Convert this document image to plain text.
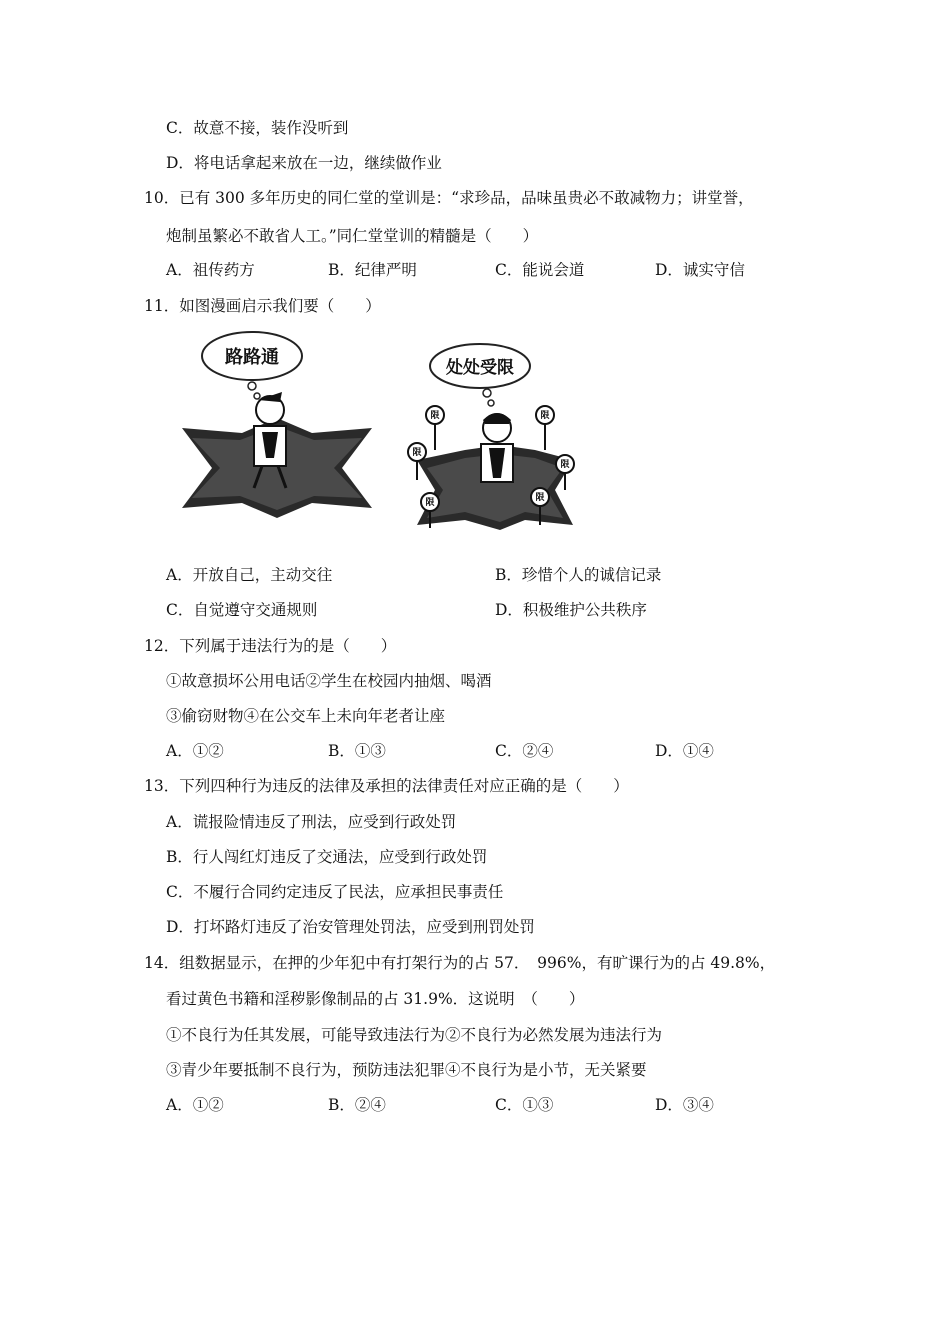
C．故意不接，装作没听到
D．将电话拿起来放在一边，继续做作业
10．已有 300 多年历史的同仁堂的堂训是：“求珍品，品味虽贵必不敢减物力；讲堂誉，
炮制虽繁必不敢省人工。”同仁堂堂训的精髓是（　　）
A．祖传药方	B．纪律严明	C．能说会道	D．诚实守信
11．如图漫画启示我们要（　　）
路路通	处处受限
限
限
限
限
限
限
A．开放自己，主动交往	B．珍惜个人的诚信记录
C．自觉遵守交通规则	D．积极维护公共秩序
12．下列属于违法行为的是（　　）
①故意损坏公用电话②学生在校园内抽烟、喝酒
③偷窃财物④在公交车上未向年老者让座
A．①②	B．①③	C．②④	D．①④
13．下列四种行为违反的法律及承担的法律责任对应正确的是（　　）
A．谎报险情违反了刑法，应受到行政处罚
B．行人闯红灯违反了交通法，应受到行政处罚
C．不履行合同约定违反了民法，应承担民事责任
D．打坏路灯违反了治安管理处罚法，应受到刑罚处罚
14．组数据显示，在押的少年犯中有打架行为的占 57．　996%，有旷课行为的占 49.8%，
看过黄色书籍和淫秽影像制品的占 31.9%．这说明　（　　）
①不良行为任其发展，可能导致违法行为②不良行为必然发展为违法行为
③青少年要抵制不良行为，预防违法犯罪④不良行为是小节，无关紧要
A．①②	B．②④	C．①③	D．③④
